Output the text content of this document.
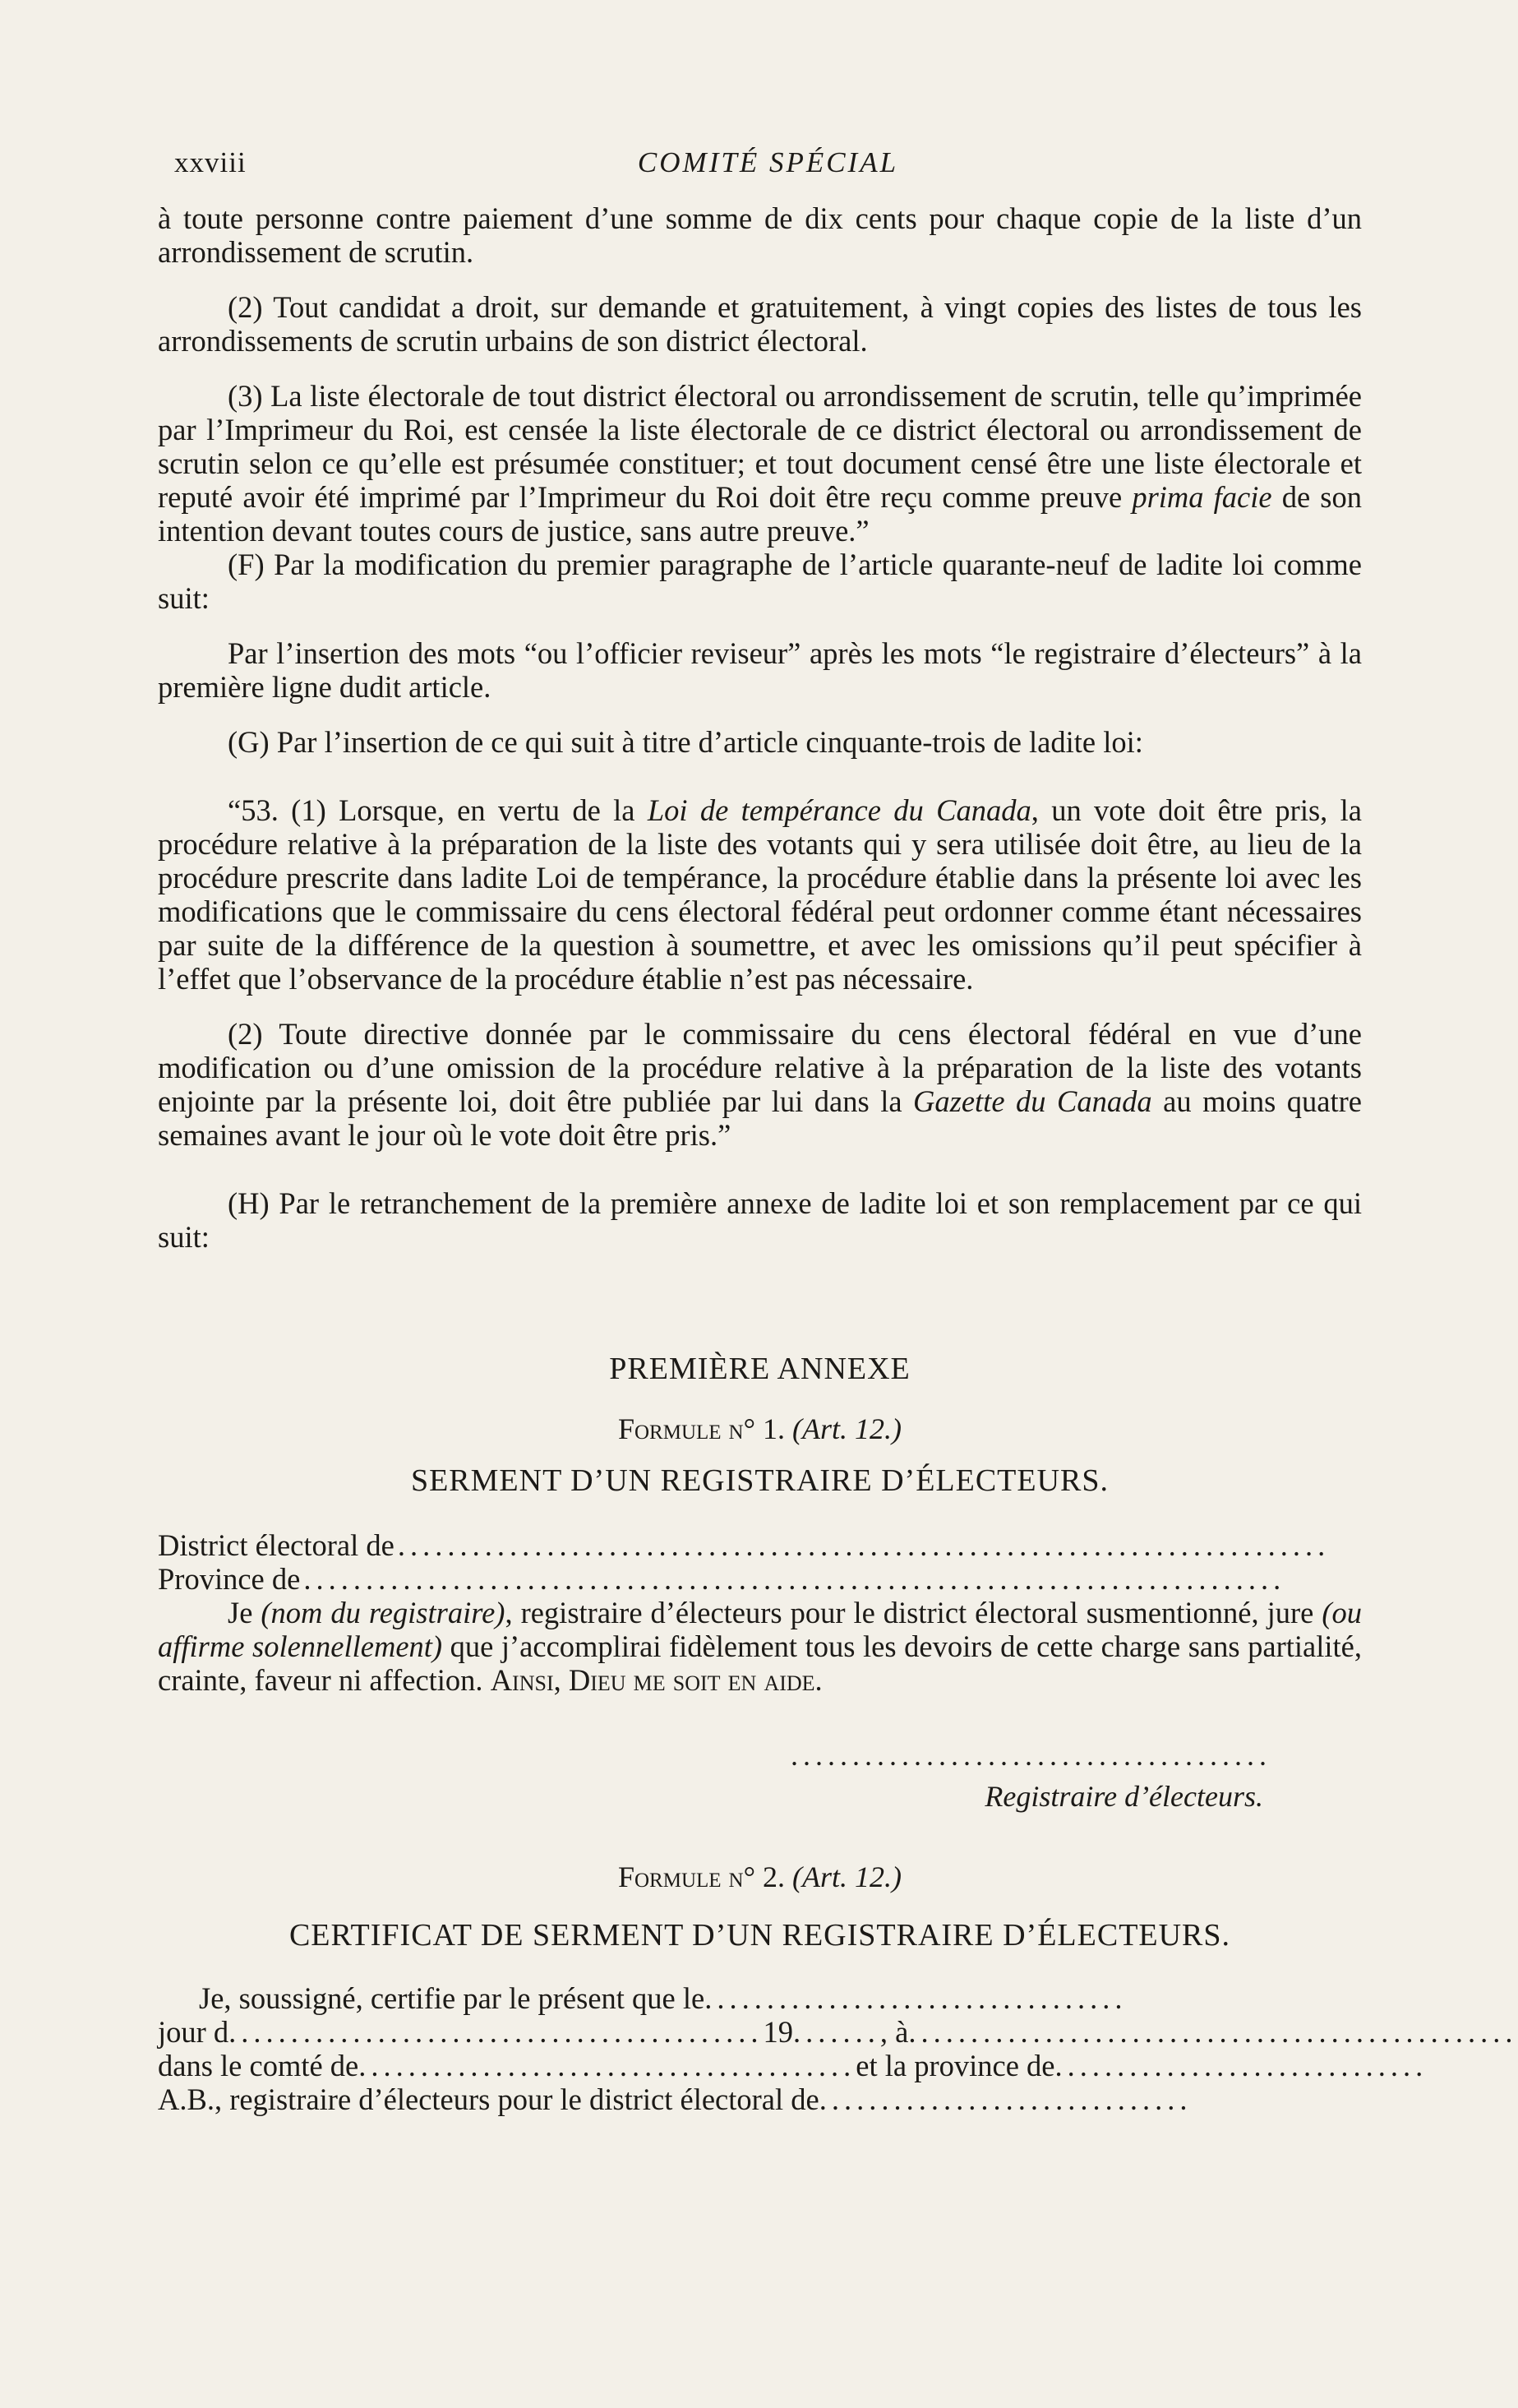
xxviii	COMITÉ SPÉCIAL

à toute personne contre paiement d’une somme de dix cents pour chaque copie de la liste d’un arrondissement de scrutin.

(2) Tout candidat a droit, sur demande et gratuitement, à vingt copies des listes de tous les arrondissements de scrutin urbains de son district électoral.

(3) La liste électorale de tout district électoral ou arrondissement de scrutin, telle qu’imprimée par l’Imprimeur du Roi, est censée la liste électorale de ce district électoral ou arrondissement de scrutin selon ce qu’elle est présumée constituer; et tout document censé être une liste électorale et reputé avoir été imprimé par l’Imprimeur du Roi doit être reçu comme preuve prima facie de son intention devant toutes cours de justice, sans autre preuve.”

(F) Par la modification du premier paragraphe de l’article quarante-neuf de ladite loi comme suit:

Par l’insertion des mots “ou l’officier reviseur” après les mots “le registraire d’électeurs” à la première ligne dudit article.

(G) Par l’insertion de ce qui suit à titre d’article cinquante-trois de ladite loi:

“53. (1) Lorsque, en vertu de la Loi de tempérance du Canada, un vote doit être pris, la procédure relative à la préparation de la liste des votants qui y sera utilisée doit être, au lieu de la procédure prescrite dans ladite Loi de tempérance, la procédure établie dans la présente loi avec les modifications que le commissaire du cens électoral fédéral peut ordonner comme étant nécessaires par suite de la différence de la question à soumettre, et avec les omissions qu’il peut spécifier à l’effet que l’observance de la procédure établie n’est pas nécessaire.

(2) Toute directive donnée par le commissaire du cens électoral fédéral en vue d’une modification ou d’une omission de la procédure relative à la préparation de la liste des votants enjointe par la présente loi, doit être publiée par lui dans la Gazette du Canada au moins quatre semaines avant le jour où le vote doit être pris.”

(H) Par le retranchement de la première annexe de ladite loi et son remplacement par ce qui suit:

PREMIÈRE ANNEXE
Formule n° 1. (Art. 12.)
SERMENT D’UN REGISTRAIRE D’ÉLECTEURS.
District électoral de ...........................................................................
Province de ...............................................................................

Je (nom du registraire), registraire d’électeurs pour le district électoral susmentionné, jure (ou affirme solennellement) que j’accomplirai fidèlement tous les devoirs de cette charge sans partialité, crainte, faveur ni affection. Ainsi, Dieu me soit en aide.

.......................................
Registraire d’électeurs.
Formule n° 2. (Art. 12.)
CERTIFICAT DE SERMENT D’UN REGISTRAIRE D’ÉLECTEURS.
Je, soussigné, certifie par le présent que le ..................................
jour d ........................................... 19 ....... , à .................................................
dans le comté de ........................................ et la province de ..............................
A.B., registraire d’électeurs pour le district électoral de ..............................
